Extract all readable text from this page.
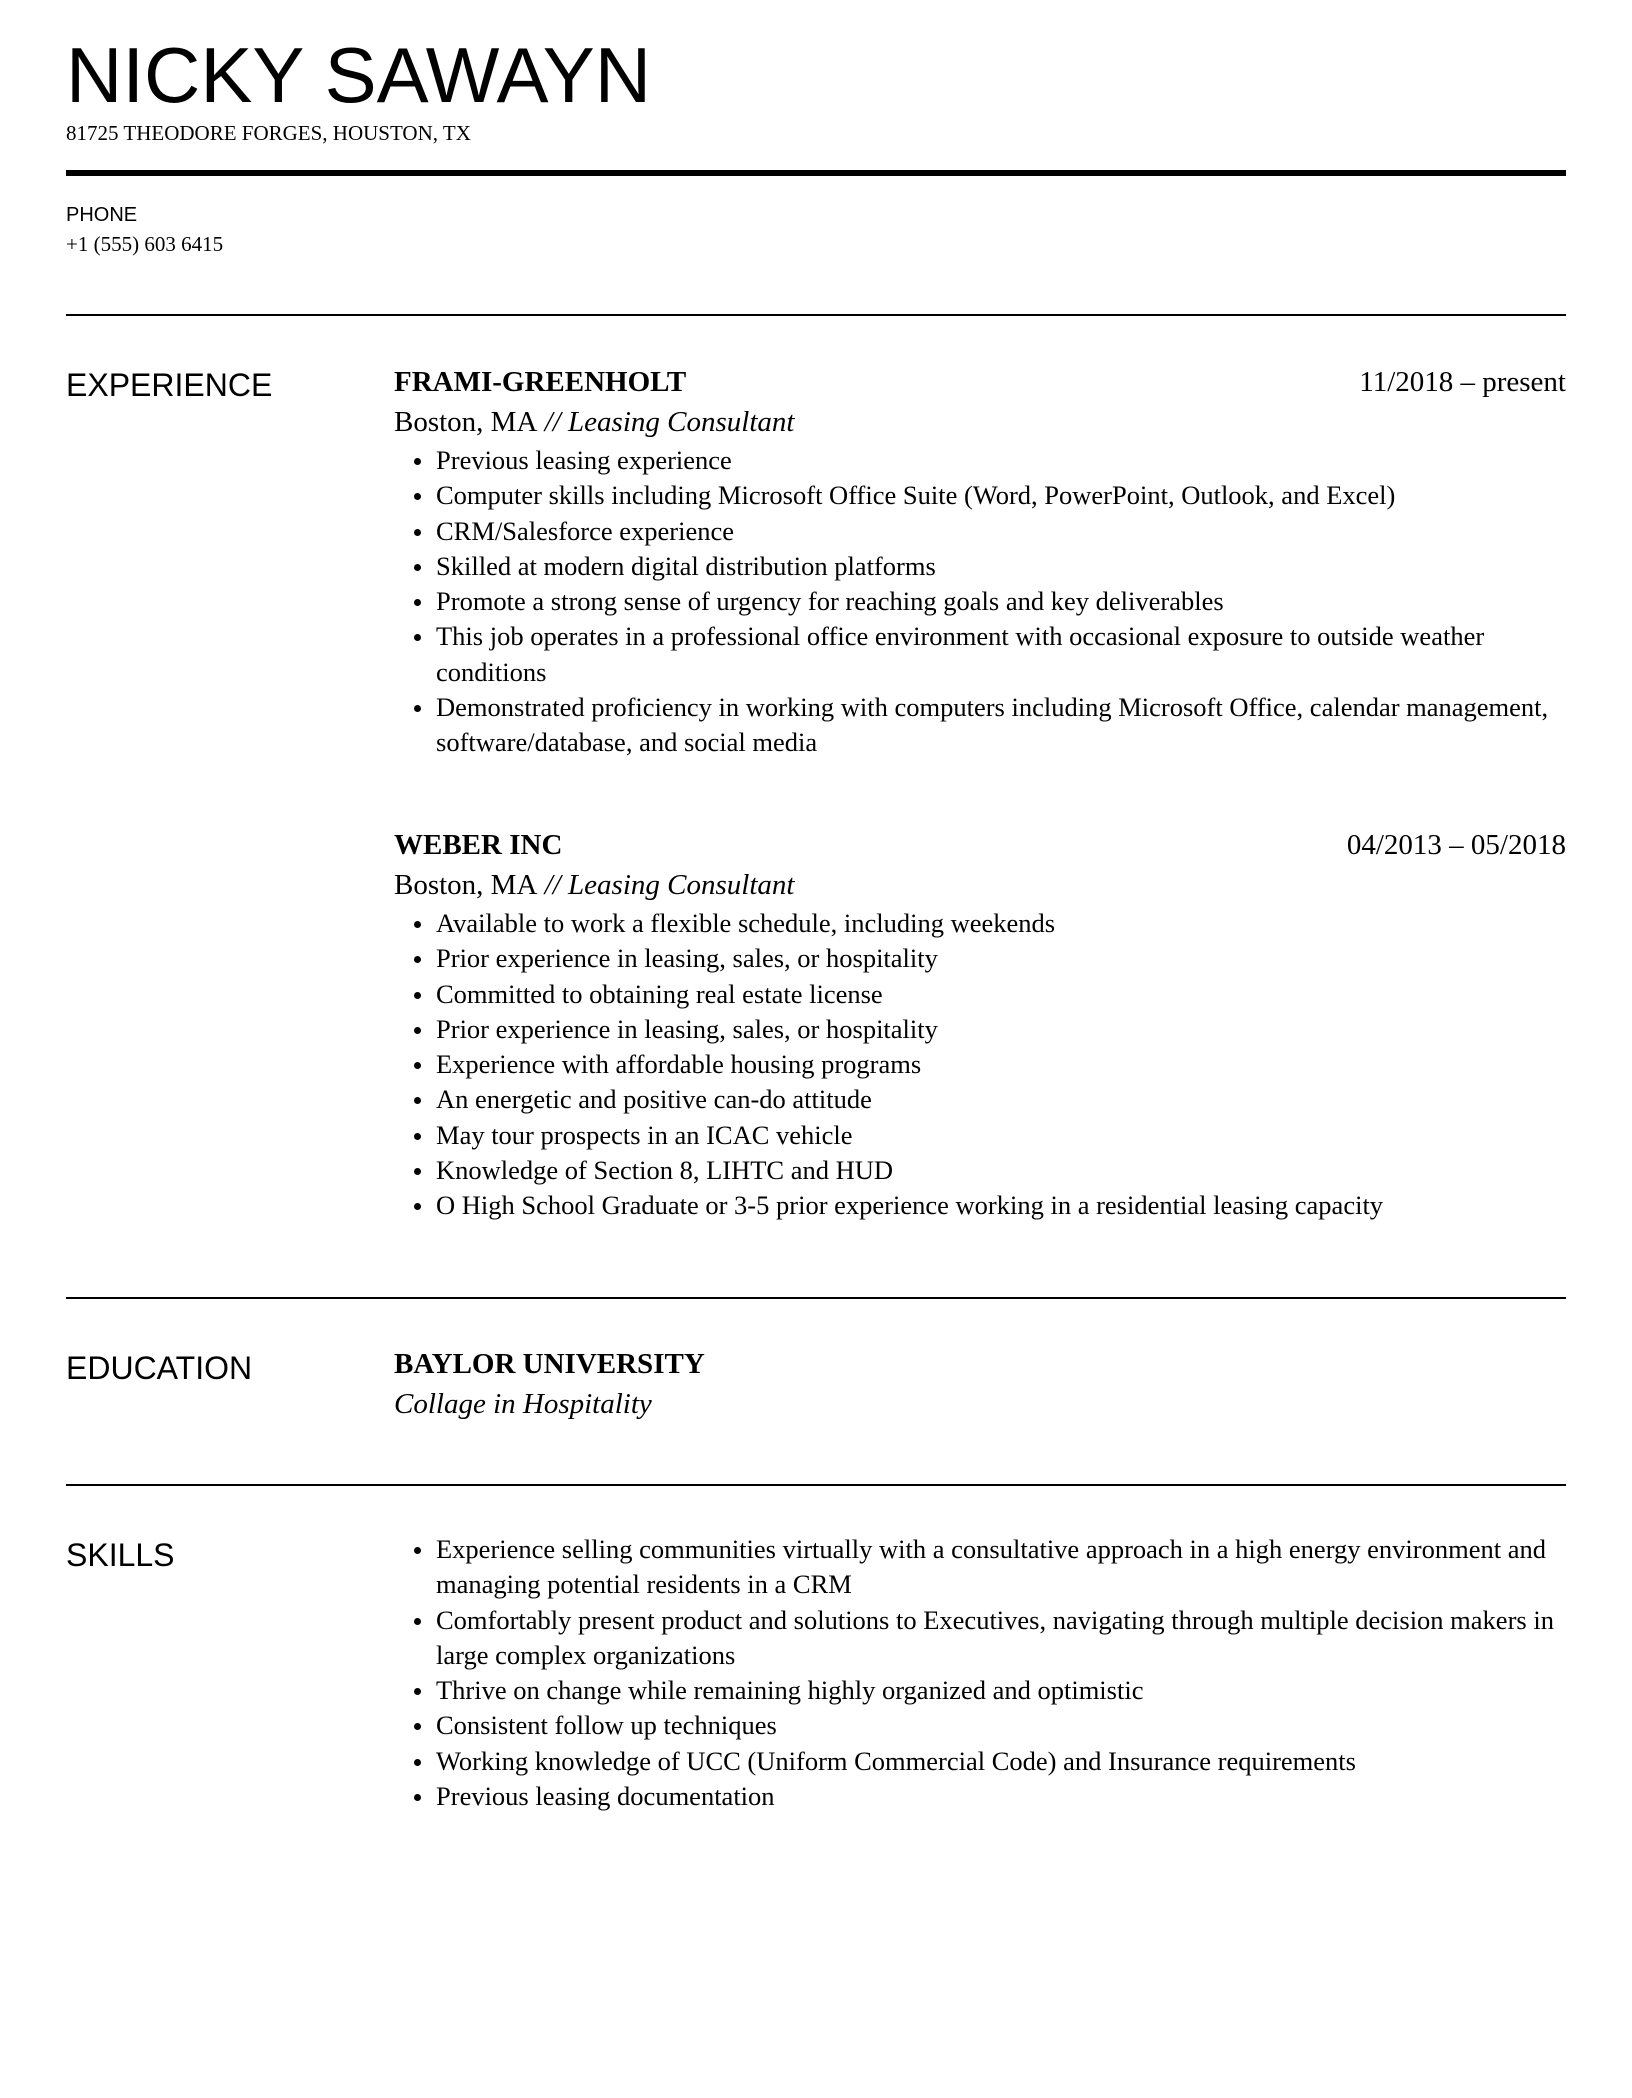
NICKY SAWAYN
81725 THEODORE FORGES, HOUSTON, TX
PHONE
+1 (555) 603 6415
EXPERIENCE	FRAMI-GREENHOLT	11/2018 – present
Boston, MA // Leasing Consultant
Previous leasing experience
Computer skills including Microsoft Office Suite (Word, PowerPoint, Outlook, and Excel)
CRM/Salesforce experience
Skilled at modern digital distribution platforms
Promote a strong sense of urgency for reaching goals and key deliverables
This job operates in a professional office environment with occasional exposure to outside weather conditions
Demonstrated proficiency in working with computers including Microsoft Office, calendar management, software/database, and social media
WEBER INC	04/2013 – 05/2018
Boston, MA // Leasing Consultant
Available to work a flexible schedule, including weekends
Prior experience in leasing, sales, or hospitality
Committed to obtaining real estate license
Prior experience in leasing, sales, or hospitality
Experience with affordable housing programs
An energetic and positive can-do attitude
May tour prospects in an ICAC vehicle
Knowledge of Section 8, LIHTC and HUD
O High School Graduate or 3-5 prior experience working in a residential leasing capacity
EDUCATION	BAYLOR UNIVERSITY
Collage in Hospitality
SKILLS	Experience selling communities virtually with a consultative approach in a high energy environment and managing potential residents in a CRM
Comfortably present product and solutions to Executives, navigating through multiple decision makers in large complex organizations
Thrive on change while remaining highly organized and optimistic
Consistent follow up techniques
Working knowledge of UCC (Uniform Commercial Code) and Insurance requirements
Previous leasing documentation
